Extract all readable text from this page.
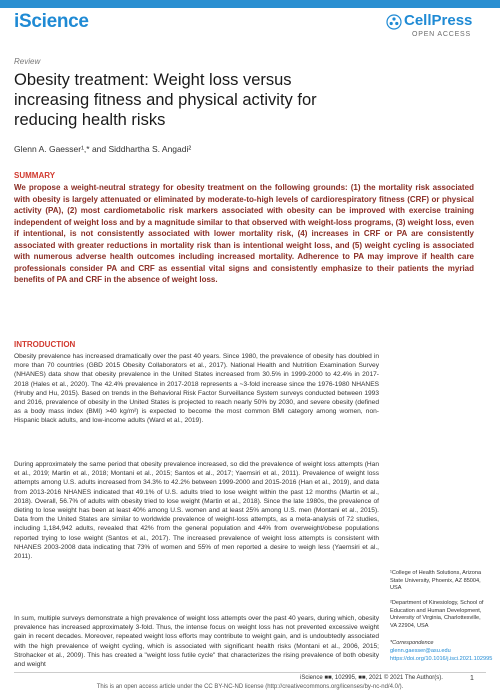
iScience	CellPress
OPEN ACCESS
Review
Obesity treatment: Weight loss versus increasing fitness and physical activity for reducing health risks
Glenn A. Gaesser¹,* and Siddhartha S. Angadi²
SUMMARY
We propose a weight-neutral strategy for obesity treatment on the following grounds: (1) the mortality risk associated with obesity is largely attenuated or eliminated by moderate-to-high levels of cardiorespiratory fitness (CRF) or physical activity (PA), (2) most cardiometabolic risk markers associated with obesity can be improved with exercise training independent of weight loss and by a magnitude similar to that observed with weight-loss programs, (3) weight loss, even if intentional, is not consistently associated with lower mortality risk, (4) increases in CRF or PA are consistently associated with greater reductions in mortality risk than is intentional weight loss, and (5) weight cycling is associated with numerous adverse health outcomes including increased mortality. Adherence to PA may improve if health care professionals consider PA and CRF as essential vital signs and consistently emphasize to their patients the myriad benefits of PA and CRF in the absence of weight loss.
INTRODUCTION
Obesity prevalence has increased dramatically over the past 40 years. Since 1980, the prevalence of obesity has doubled in more than 70 countries (GBD 2015 Obesity Collaborators et al., 2017). National Health and Nutrition Examination Survey (NHANES) data show that obesity prevalence in the United States increased from 30.5% in 1999-2000 to 42.4% in 2017-2018 (Hales et al., 2020). The 42.4% prevalence in 2017-2018 represents a ~3-fold increase since the 1976-1980 NHANES (Hruby and Hu, 2015). Based on trends in the Behavioral Risk Factor Surveillance System surveys conducted between 1993 and 2016, prevalence of obesity in the United States is projected to reach nearly 50% by 2030, and severe obesity (defined as a body mass index (BMI) >40 kg/m²) is expected to become the most common BMI category among women, non-Hispanic black adults, and low-income adults (Ward et al., 2019).
During approximately the same period that obesity prevalence increased, so did the prevalence of weight loss attempts (Han et al., 2019; Martin et al., 2018; Montani et al., 2015; Santos et al., 2017; Yaemsiri et al., 2011). Prevalence of weight loss attempts among U.S. adults increased from 34.3% to 42.2% between 1999-2000 and 2015-2016 (Han et al., 2019), and data from 2013-2016 NHANES indicated that 49.1% of U.S. adults tried to lose weight within the past 12 months (Martin et al., 2018). Overall, 56.7% of adults with obesity tried to lose weight (Martin et al., 2018). Since the late 1980s, the prevalence of dieting to lose weight has been at least 40% among U.S. women and at least 25% among U.S. men (Montani et al., 2015). Data from the United States are similar to worldwide prevalence of weight-loss attempts, as a meta-analysis of 72 studies, including 1,184,942 adults, revealed that 42% from the general population and 44% from overweight/obese populations reported trying to lose weight (Santos et al., 2017). The increased prevalence of weight loss attempts is consistent with NHANES 2003-2008 data indicating that 73% of women and 55% of men reported a desire to weigh less (Yaemsiri et al., 2011).
In sum, multiple surveys demonstrate a high prevalence of weight loss attempts over the past 40 years, during which, obesity prevalence has increased approximately 3-fold. Thus, the intense focus on weight loss has not prevented excessive weight gain in recent decades. Moreover, repeated weight loss efforts may contribute to weight gain, and is undoubtedly associated with the high prevalence of weight cycling, which is associated with significant health risks (Montani et al., 2006, 2015; Strohacker et al., 2009). This has created a "weight loss futile cycle" that characterizes the rising prevalence of both obesity and weight
¹College of Health Solutions, Arizona State University, Phoenix, AZ 85004, USA
²Department of Kinesiology, School of Education and Human Development, University of Virginia, Charlottesville, VA 22904, USA
*Correspondence
glenn.gaesser@asu.edu
https://doi.org/10.1016/j.isci.2021.102995
iScience ■■, 102995, ■■, 2021 © 2021 The Author(s).	1
This is an open access article under the CC BY-NC-ND license (http://creativecommons.org/licenses/by-nc-nd/4.0/).
